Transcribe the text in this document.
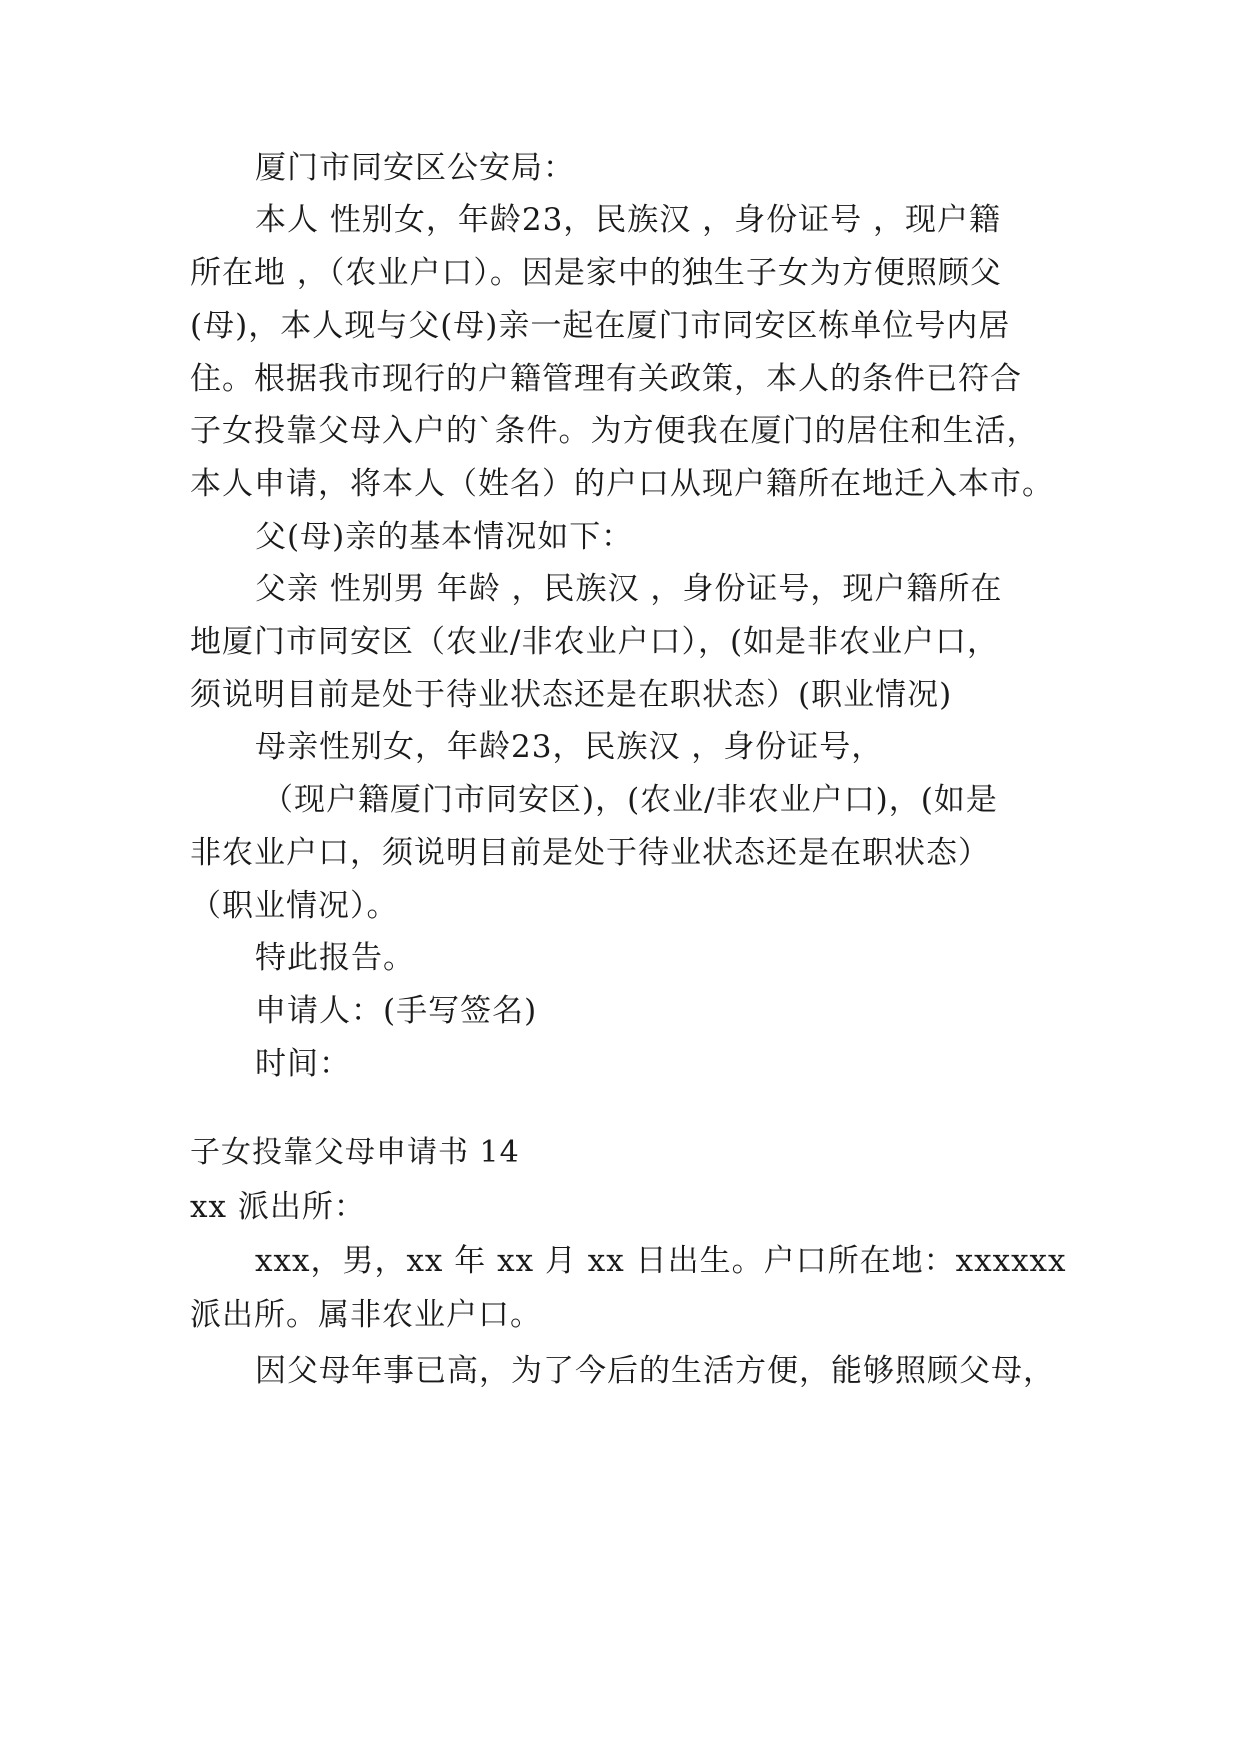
厦门市同安区公安局：
本人 性别女，年龄23，民族汉 ，身份证号 ，现户籍
所在地 ，（农业户口）。因是家中的独生子女为方便照顾父
(母)，本人现与父(母)亲一起在厦门市同安区栋单位号内居
住。根据我市现行的户籍管理有关政策，本人的条件已符合
子女投靠父母入户的`条件。为方便我在厦门的居住和生活，
本人申请，将本人（姓名）的户口从现户籍所在地迁入本市。
父(母)亲的基本情况如下：
父亲 性别男 年龄 ，民族汉 ，身份证号，现户籍所在
地厦门市同安区（农业/非农业户口），(如是非农业户口，
须说明目前是处于待业状态还是在职状态）(职业情况)
母亲性别女，年龄23，民族汉 ，身份证号，
（现户籍厦门市同安区)，(农业/非农业户口)，(如是
非农业户口，须说明目前是处于待业状态还是在职状态）
（职业情况）。
特此报告。
申请人：(手写签名)
时间：
子女投靠父母申请书 14
xx 派出所：
xxx，男，xx 年 xx 月 xx 日出生。户口所在地：xxxxxx
派出所。属非农业户口。
因父母年事已高，为了今后的生活方便，能够照顾父母，
